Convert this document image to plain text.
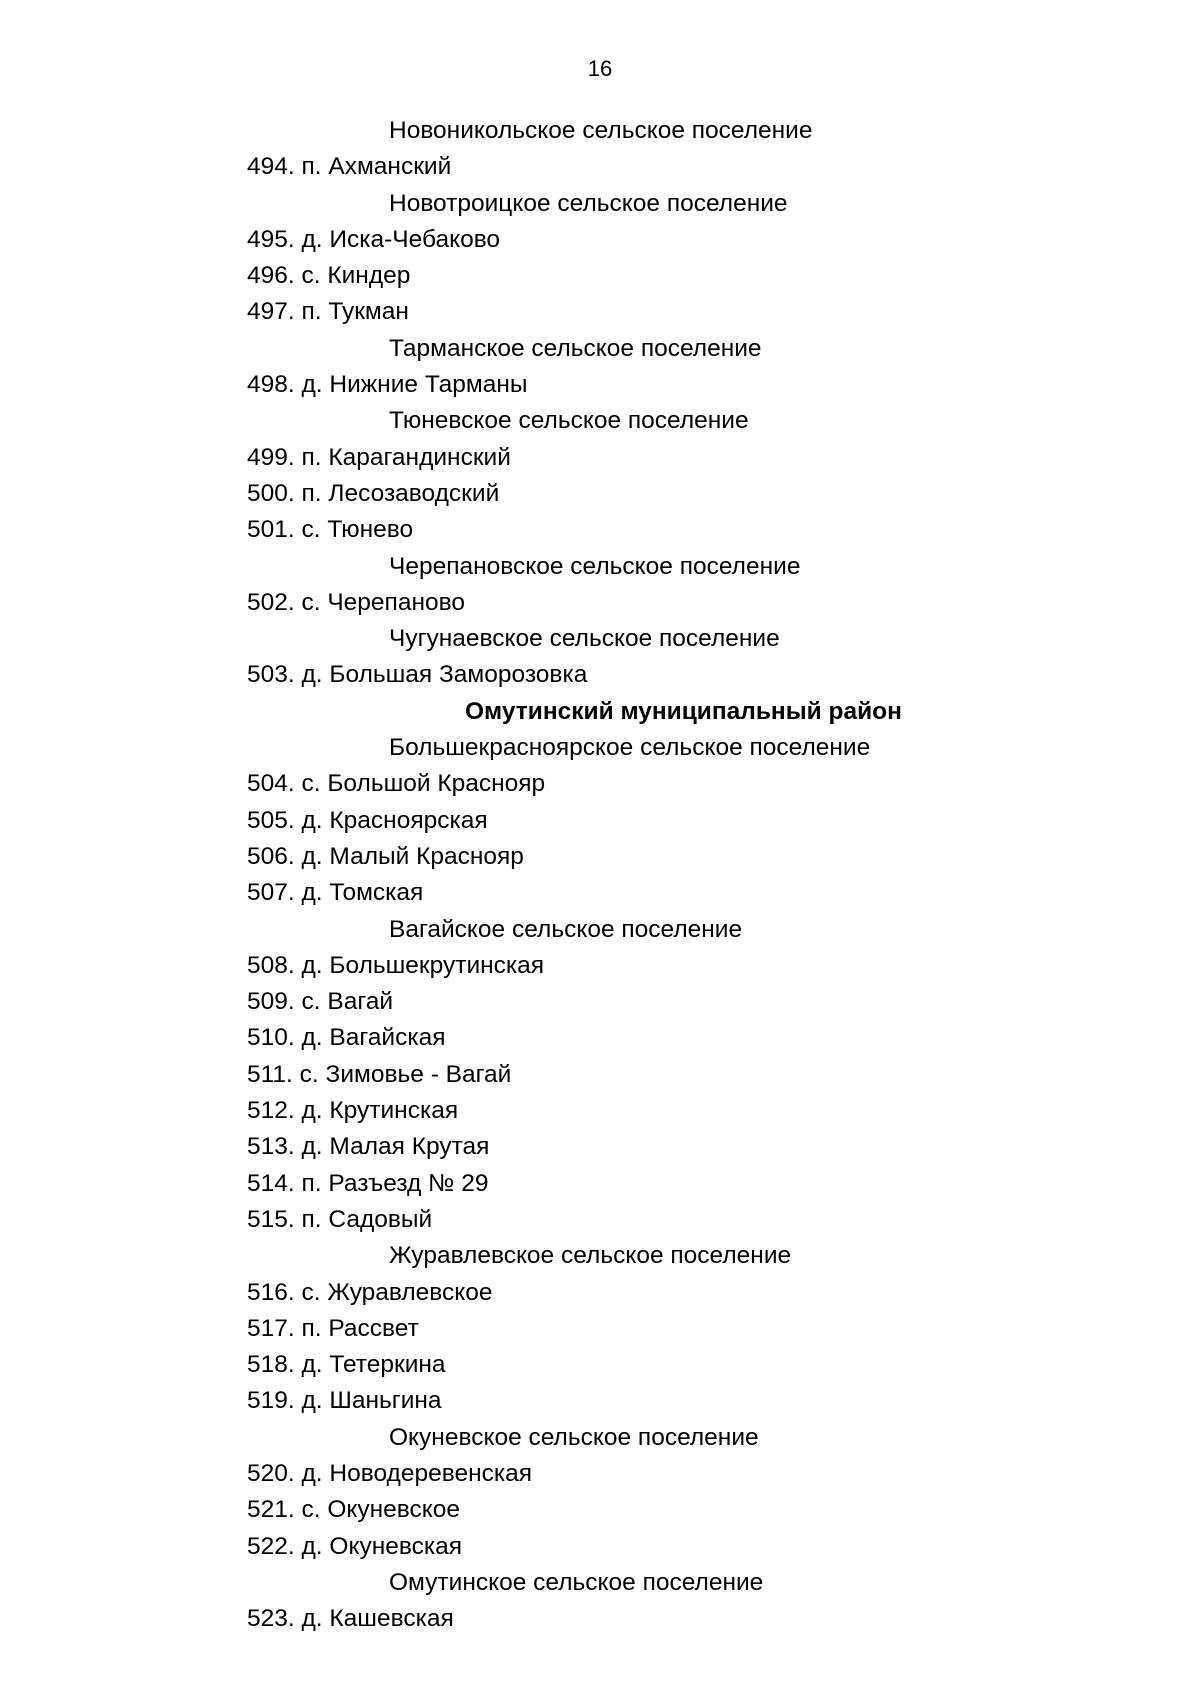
16
Новоникольское сельское поселение
494. п. Ахманский
Новотроицкое сельское поселение
495. д. Иска-Чебаково
496. с. Киндер
497. п. Тукман
Тарманское сельское поселение
498. д. Нижние Тарманы
Тюневское сельское поселение
499. п. Карагандинский
500. п. Лесозаводский
501. с. Тюнево
Черепановское сельское поселение
502. с. Черепаново
Чугунаевское сельское поселение
503. д. Большая Заморозовка
Омутинский муниципальный район
Большекрасноярское сельское поселение
504. с. Большой Краснояр
505. д. Красноярская
506. д. Малый Краснояр
507. д. Томская
Вагайское сельское поселение
508. д. Большекрутинская
509. с. Вагай
510. д. Вагайская
511. с. Зимовье - Вагай
512. д. Крутинская
513. д. Малая Крутая
514. п. Разъезд № 29
515. п. Садовый
Журавлевское сельское поселение
516. с. Журавлевское
517. п. Рассвет
518. д. Тетеркина
519. д. Шаньгина
Окуневское сельское поселение
520. д. Новодеревенская
521. с. Окуневское
522. д. Окуневская
Омутинское сельское поселение
523. д. Кашевская
